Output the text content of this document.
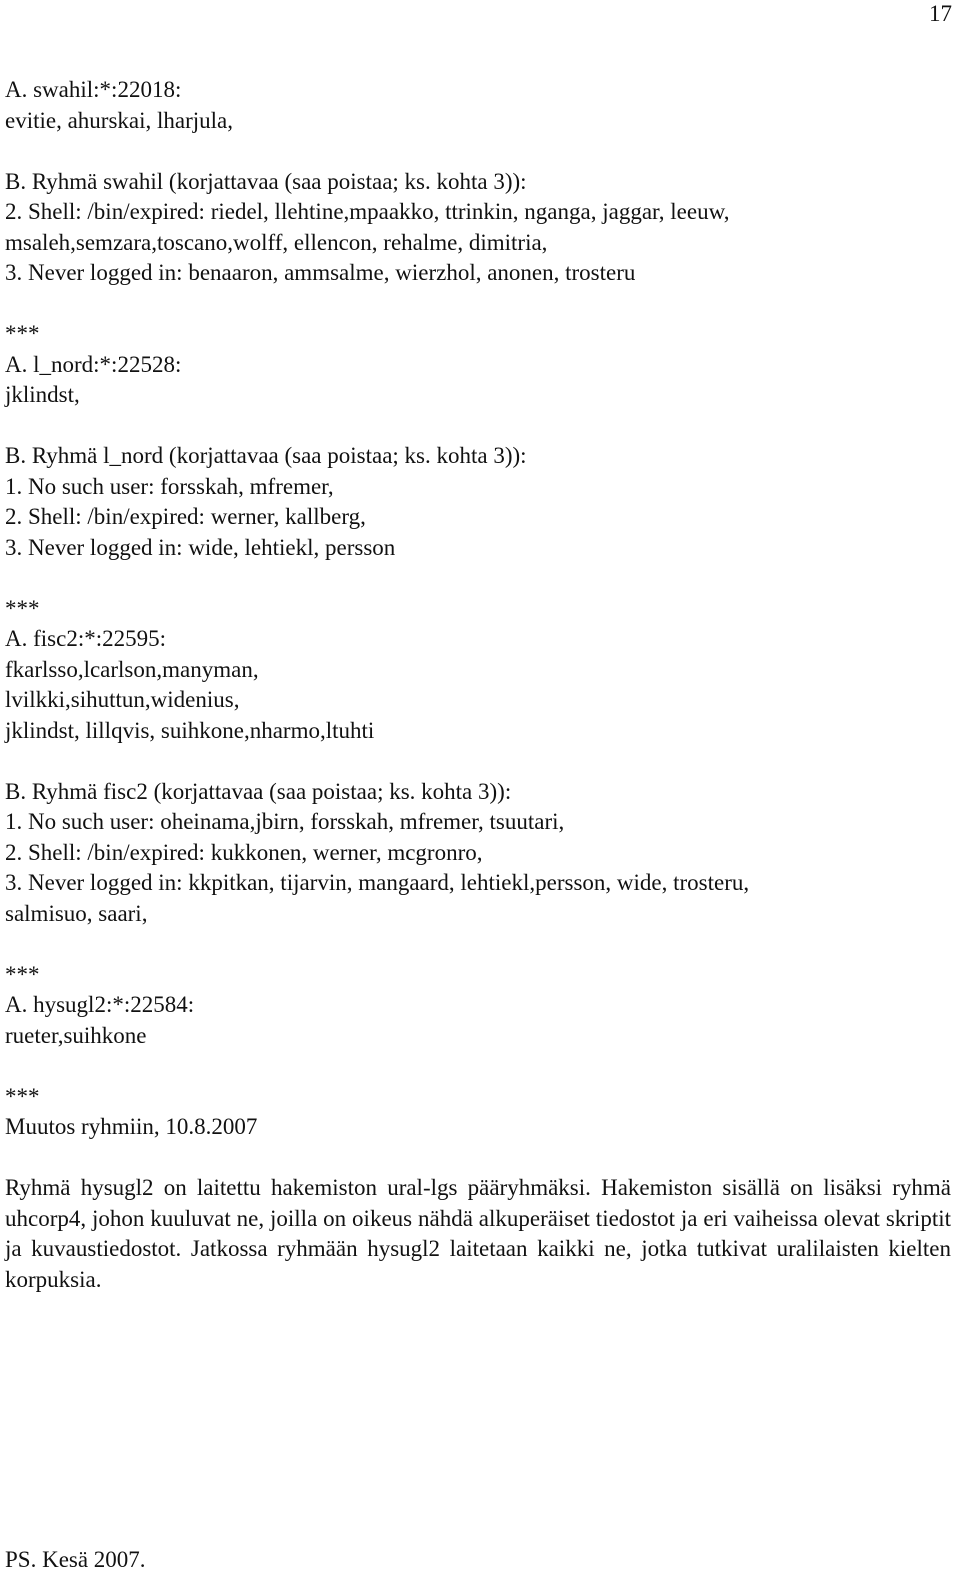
17
A. swahil:*:22018:
evitie, ahurskai, lharjula,
B. Ryhmä swahil (korjattavaa (saa poistaa; ks. kohta 3)):
2. Shell: /bin/expired: riedel, llehtine,mpaakko, ttrinkin, nganga, jaggar, leeuw,
msaleh,semzara,toscano,wolff, ellencon, rehalme, dimitria,
3. Never logged in: benaaron, ammsalme, wierzhol, anonen, trosteru
***
A. l_nord:*:22528:
jklindst,
B. Ryhmä l_nord (korjattavaa (saa poistaa; ks. kohta 3)):
1. No such user: forsskah, mfremer,
2. Shell: /bin/expired: werner, kallberg,
3. Never logged in: wide, lehtiekl, persson
***
A. fisc2:*:22595:
fkarlsso,lcarlson,manyman,
lvilkki,sihuttun,widenius,
jklindst, lillqvis, suihkone,nharmo,ltuhti
B. Ryhmä fisc2 (korjattavaa (saa poistaa; ks. kohta 3)):
1. No such user: oheinama,jbirn, forsskah, mfremer, tsuutari,
2. Shell: /bin/expired: kukkonen, werner, mcgronro,
3. Never logged in: kkpitkan, tijarvin, mangaard, lehtiekl,persson, wide, trosteru,
salmisuo, saari,
***
A. hysugl2:*:22584:
rueter,suihkone
***
Muutos ryhmiin, 10.8.2007
Ryhmä hysugl2 on laitettu hakemiston ural-lgs pääryhmäksi. Hakemiston sisällä on lisäksi ryhmä uhcorp4, johon kuuluvat ne, joilla on oikeus nähdä alkuperäiset tiedostot ja eri vaiheissa olevat skriptit ja kuvaustiedostot. Jatkossa ryhmään hysugl2 laitetaan kaikki ne, jotka tutkivat uralilaisten kielten korpuksia.
PS. Kesä 2007.
